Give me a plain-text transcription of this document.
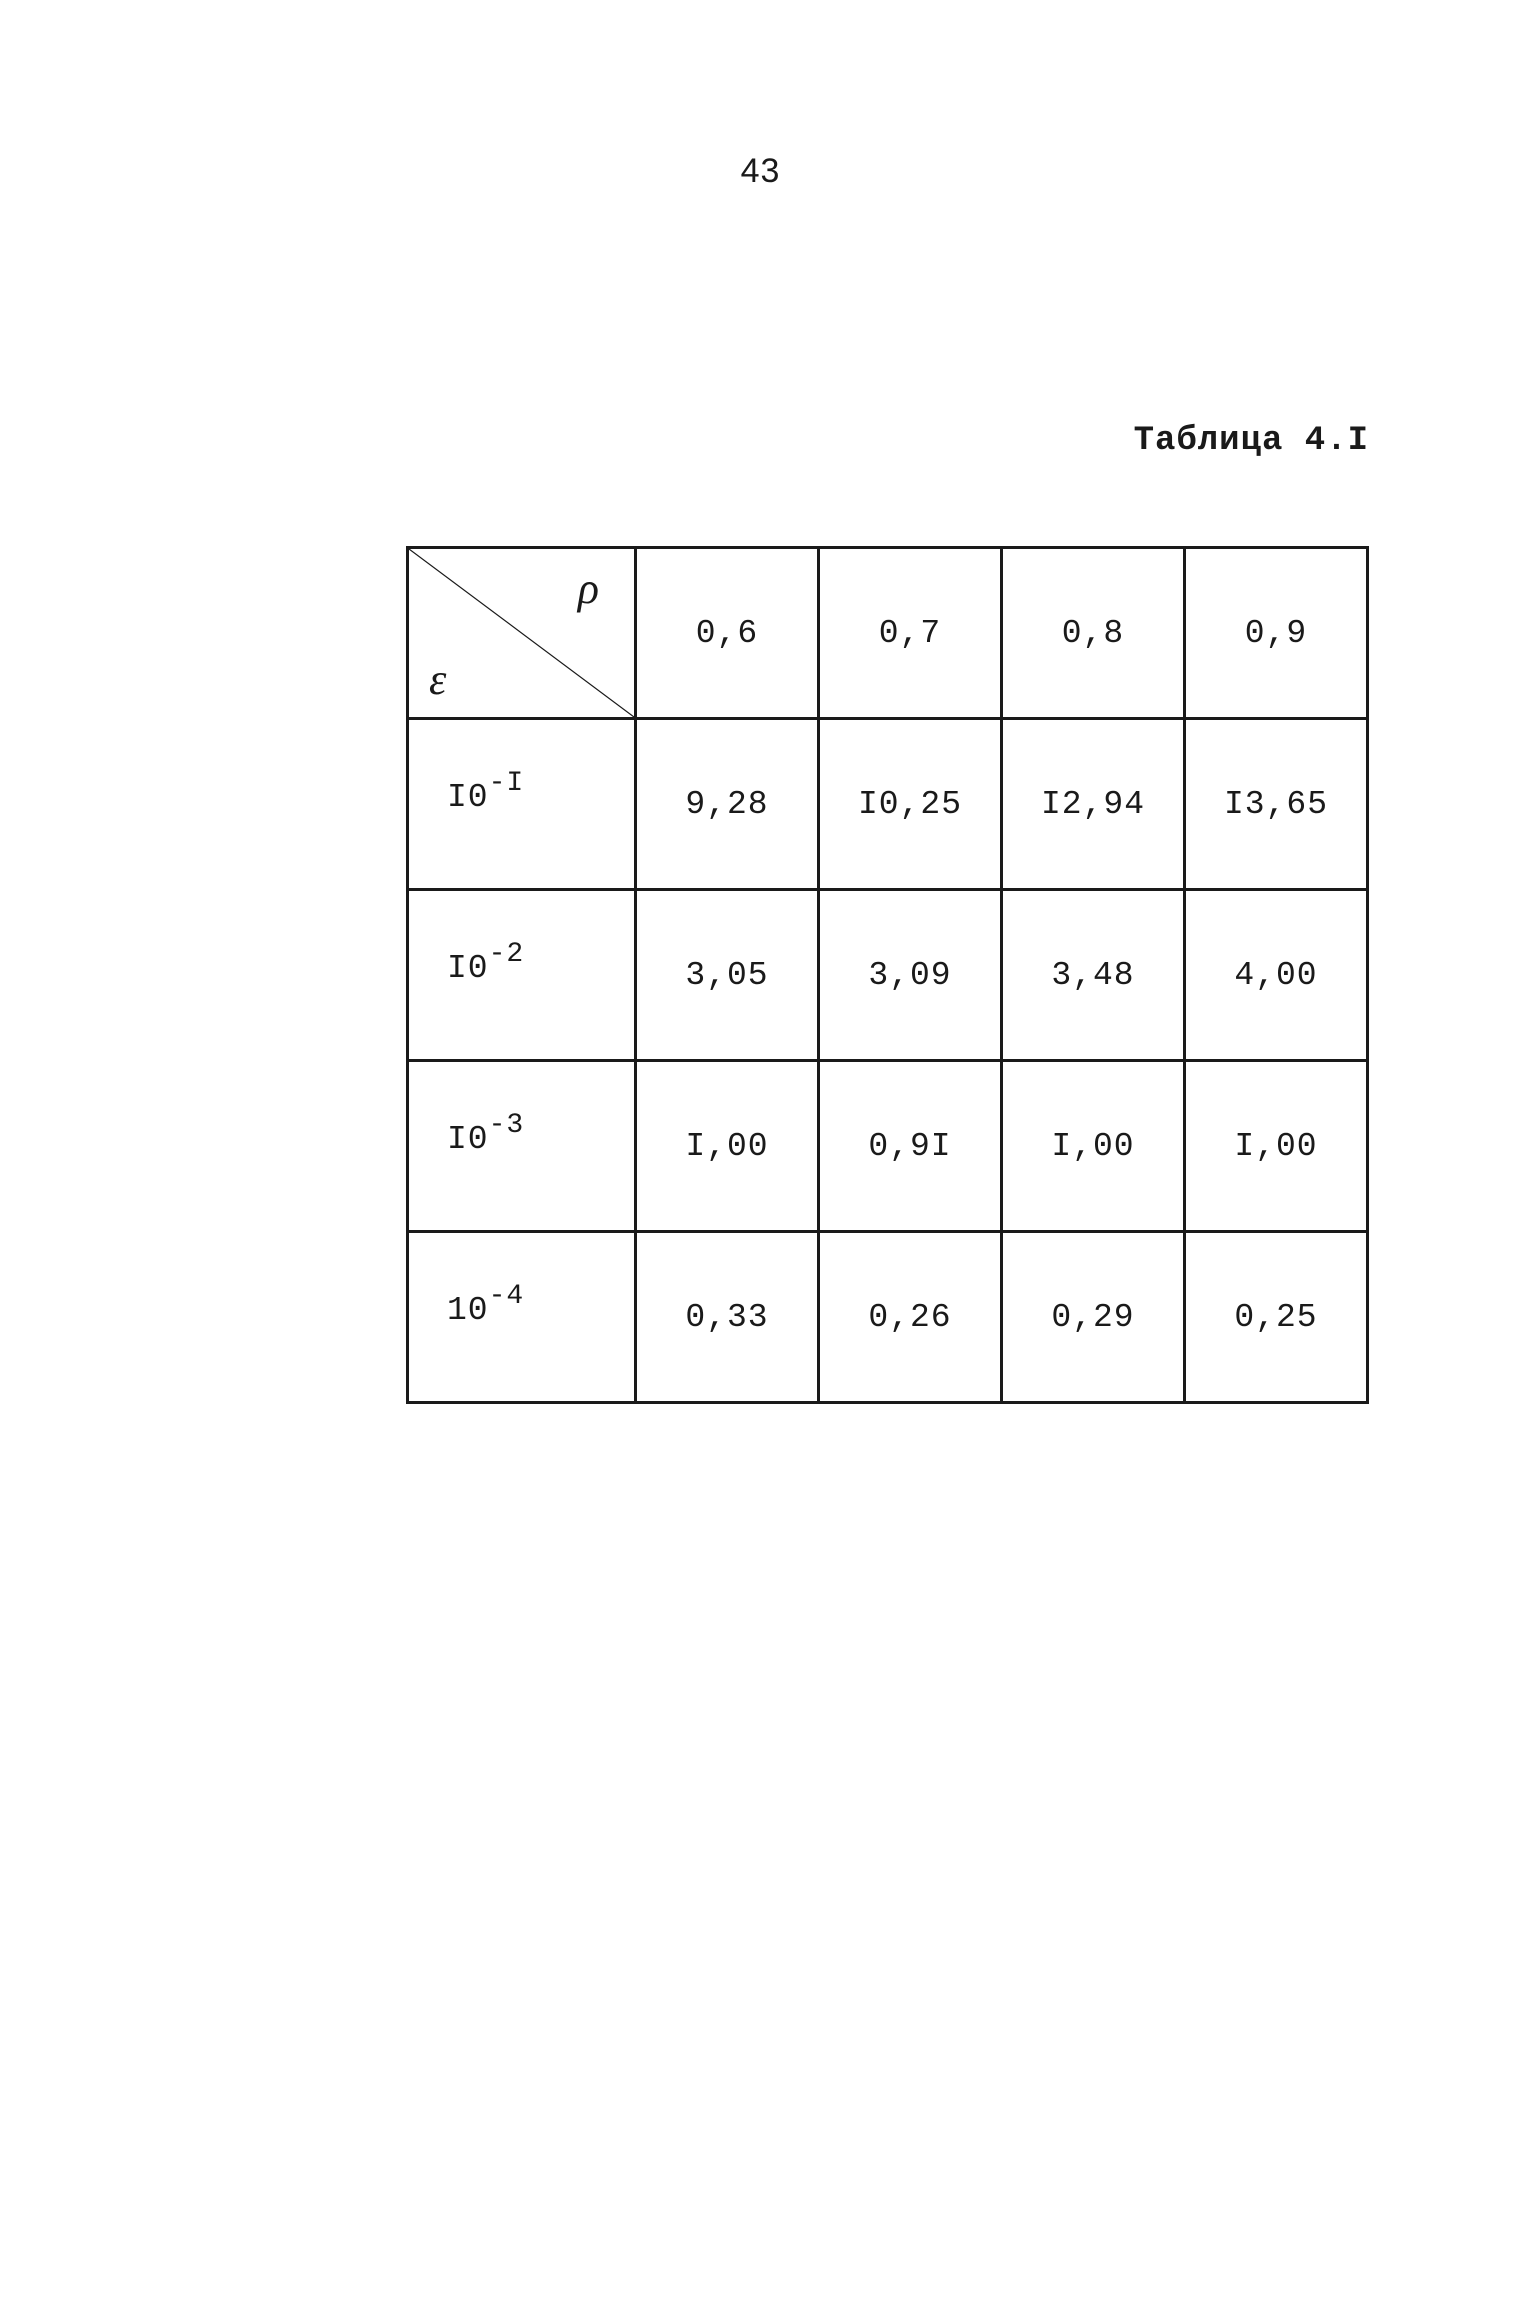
43
Таблица 4.I
ρ
ε	0,6	0,7	0,8	0,9
$I0^{-I}$	9,28	I0,25	I2,94	I3,65
$I0^{-2}$	3,05	3,09	3,48	4,00
$I0^{-3}$	I,00	0,9I	I,00	I,00
$10^{-4}$	0,33	0,26	0,29	0,25
